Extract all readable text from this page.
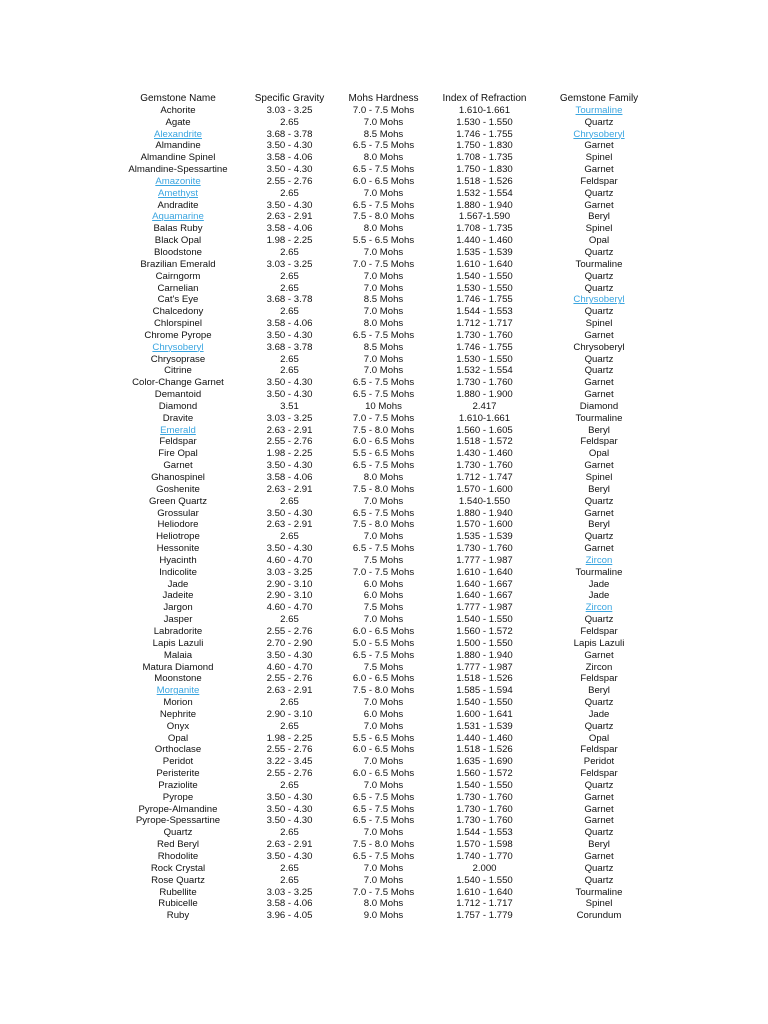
Gemstone Name	Specific Gravity	Mohs Hardness	Index of Refraction	Gemstone Family
Achorite	3.03 - 3.25	7.0 - 7.5 Mohs	1.610-1.661	Tourmaline
Agate	2.65	7.0 Mohs	1.530 - 1.550	Quartz
Alexandrite	3.68 - 3.78	8.5 Mohs	1.746 - 1.755	Chrysoberyl
Almandine	3.50 - 4.30	6.5 - 7.5 Mohs	1.750 - 1.830	Garnet
Almandine Spinel	3.58 - 4.06	8.0 Mohs	1.708 - 1.735	Spinel
Almandine-Spessartine	3.50 - 4.30	6.5 - 7.5 Mohs	1.750 - 1.830	Garnet
Amazonite	2.55 - 2.76	6.0 - 6.5 Mohs	1.518 - 1.526	Feldspar
Amethyst	2.65	7.0 Mohs	1.532 - 1.554	Quartz
Andradite	3.50 - 4.30	6.5 - 7.5 Mohs	1.880 - 1.940	Garnet
Aquamarine	2.63 - 2.91	7.5 - 8.0 Mohs	1.567-1.590	Beryl
Balas Ruby	3.58 - 4.06	8.0 Mohs	1.708 - 1.735	Spinel
Black Opal	1.98 - 2.25	5.5 - 6.5 Mohs	1.440 - 1.460	Opal
Bloodstone	2.65	7.0 Mohs	1.535 - 1.539	Quartz
Brazilian Emerald	3.03 - 3.25	7.0 - 7.5 Mohs	1.610 - 1.640	Tourmaline
Cairngorm	2.65	7.0 Mohs	1.540 - 1.550	Quartz
Carnelian	2.65	7.0 Mohs	1.530 - 1.550	Quartz
Cat's Eye	3.68 - 3.78	8.5 Mohs	1.746 - 1.755	Chrysoberyl
Chalcedony	2.65	7.0 Mohs	1.544 - 1.553	Quartz
Chlorspinel	3.58 - 4.06	8.0 Mohs	1.712 - 1.717	Spinel
Chrome Pyrope	3.50 - 4.30	6.5 - 7.5 Mohs	1.730 - 1.760	Garnet
Chrysoberyl	3.68 - 3.78	8.5 Mohs	1.746 - 1.755	Chrysoberyl
Chrysoprase	2.65	7.0 Mohs	1.530 - 1.550	Quartz
Citrine	2.65	7.0 Mohs	1.532 - 1.554	Quartz
Color-Change Garnet	3.50 - 4.30	6.5 - 7.5 Mohs	1.730 - 1.760	Garnet
Demantoid	3.50 - 4.30	6.5 - 7.5 Mohs	1.880 - 1.900	Garnet
Diamond	3.51	10 Mohs	2.417	Diamond
Dravite	3.03 - 3.25	7.0 - 7.5 Mohs	1.610-1.661	Tourmaline
Emerald	2.63 - 2.91	7.5 - 8.0 Mohs	1.560 - 1.605	Beryl
Feldspar	2.55 - 2.76	6.0 - 6.5 Mohs	1.518 - 1.572	Feldspar
Fire Opal	1.98 - 2.25	5.5 - 6.5 Mohs	1.430 - 1.460	Opal
Garnet	3.50 - 4.30	6.5 - 7.5 Mohs	1.730 - 1.760	Garnet
Ghanospinel	3.58 - 4.06	8.0 Mohs	1.712 - 1.747	Spinel
Goshenite	2.63 - 2.91	7.5 - 8.0 Mohs	1.570 - 1.600	Beryl
Green Quartz	2.65	7.0 Mohs	1.540-1.550	Quartz
Grossular	3.50 - 4.30	6.5 - 7.5 Mohs	1.880 - 1.940	Garnet
Heliodore	2.63 - 2.91	7.5 - 8.0 Mohs	1.570 - 1.600	Beryl
Heliotrope	2.65	7.0 Mohs	1.535 - 1.539	Quartz
Hessonite	3.50 - 4.30	6.5 - 7.5 Mohs	1.730 - 1.760	Garnet
Hyacinth	4.60 - 4.70	7.5 Mohs	1.777 - 1.987	Zircon
Indicolite	3.03 - 3.25	7.0 - 7.5 Mohs	1.610 - 1.640	Tourmaline
Jade	2.90 - 3.10	6.0 Mohs	1.640 - 1.667	Jade
Jadeite	2.90 - 3.10	6.0 Mohs	1.640 - 1.667	Jade
Jargon	4.60 - 4.70	7.5 Mohs	1.777 - 1.987	Zircon
Jasper	2.65	7.0 Mohs	1.540 - 1.550	Quartz
Labradorite	2.55 - 2.76	6.0 - 6.5 Mohs	1.560 - 1.572	Feldspar
Lapis Lazuli	2.70 - 2.90	5.0 - 5.5 Mohs	1.500 - 1.550	Lapis Lazuli
Malaia	3.50 - 4.30	6.5 - 7.5 Mohs	1.880 - 1.940	Garnet
Matura Diamond	4.60 - 4.70	7.5 Mohs	1.777 - 1.987	Zircon
Moonstone	2.55 - 2.76	6.0 - 6.5 Mohs	1.518 - 1.526	Feldspar
Morganite	2.63 - 2.91	7.5 - 8.0 Mohs	1.585 - 1.594	Beryl
Morion	2.65	7.0 Mohs	1.540 - 1.550	Quartz
Nephrite	2.90 - 3.10	6.0 Mohs	1.600 - 1.641	Jade
Onyx	2.65	7.0 Mohs	1.531 - 1.539	Quartz
Opal	1.98 - 2.25	5.5 - 6.5 Mohs	1.440 - 1.460	Opal
Orthoclase	2.55 - 2.76	6.0 - 6.5 Mohs	1.518 - 1.526	Feldspar
Peridot	3.22 - 3.45	7.0 Mohs	1.635 - 1.690	Peridot
Peristerite	2.55 - 2.76	6.0 - 6.5 Mohs	1.560 - 1.572	Feldspar
Praziolite	2.65	7.0 Mohs	1.540 - 1.550	Quartz
Pyrope	3.50 - 4.30	6.5 - 7.5 Mohs	1.730 - 1.760	Garnet
Pyrope-Almandine	3.50 - 4.30	6.5 - 7.5 Mohs	1.730 - 1.760	Garnet
Pyrope-Spessartine	3.50 - 4.30	6.5 - 7.5 Mohs	1.730 - 1.760	Garnet
Quartz	2.65	7.0 Mohs	1.544 - 1.553	Quartz
Red Beryl	2.63 - 2.91	7.5 - 8.0 Mohs	1.570 - 1.598	Beryl
Rhodolite	3.50 - 4.30	6.5 - 7.5 Mohs	1.740 - 1.770	Garnet
Rock Crystal	2.65	7.0 Mohs	2.000	Quartz
Rose Quartz	2.65	7.0 Mohs	1.540 - 1.550	Quartz
Rubellite	3.03 - 3.25	7.0 - 7.5 Mohs	1.610 - 1.640	Tourmaline
Rubicelle	3.58 - 4.06	8.0 Mohs	1.712 - 1.717	Spinel
Ruby	3.96 - 4.05	9.0 Mohs	1.757 - 1.779	Corundum
